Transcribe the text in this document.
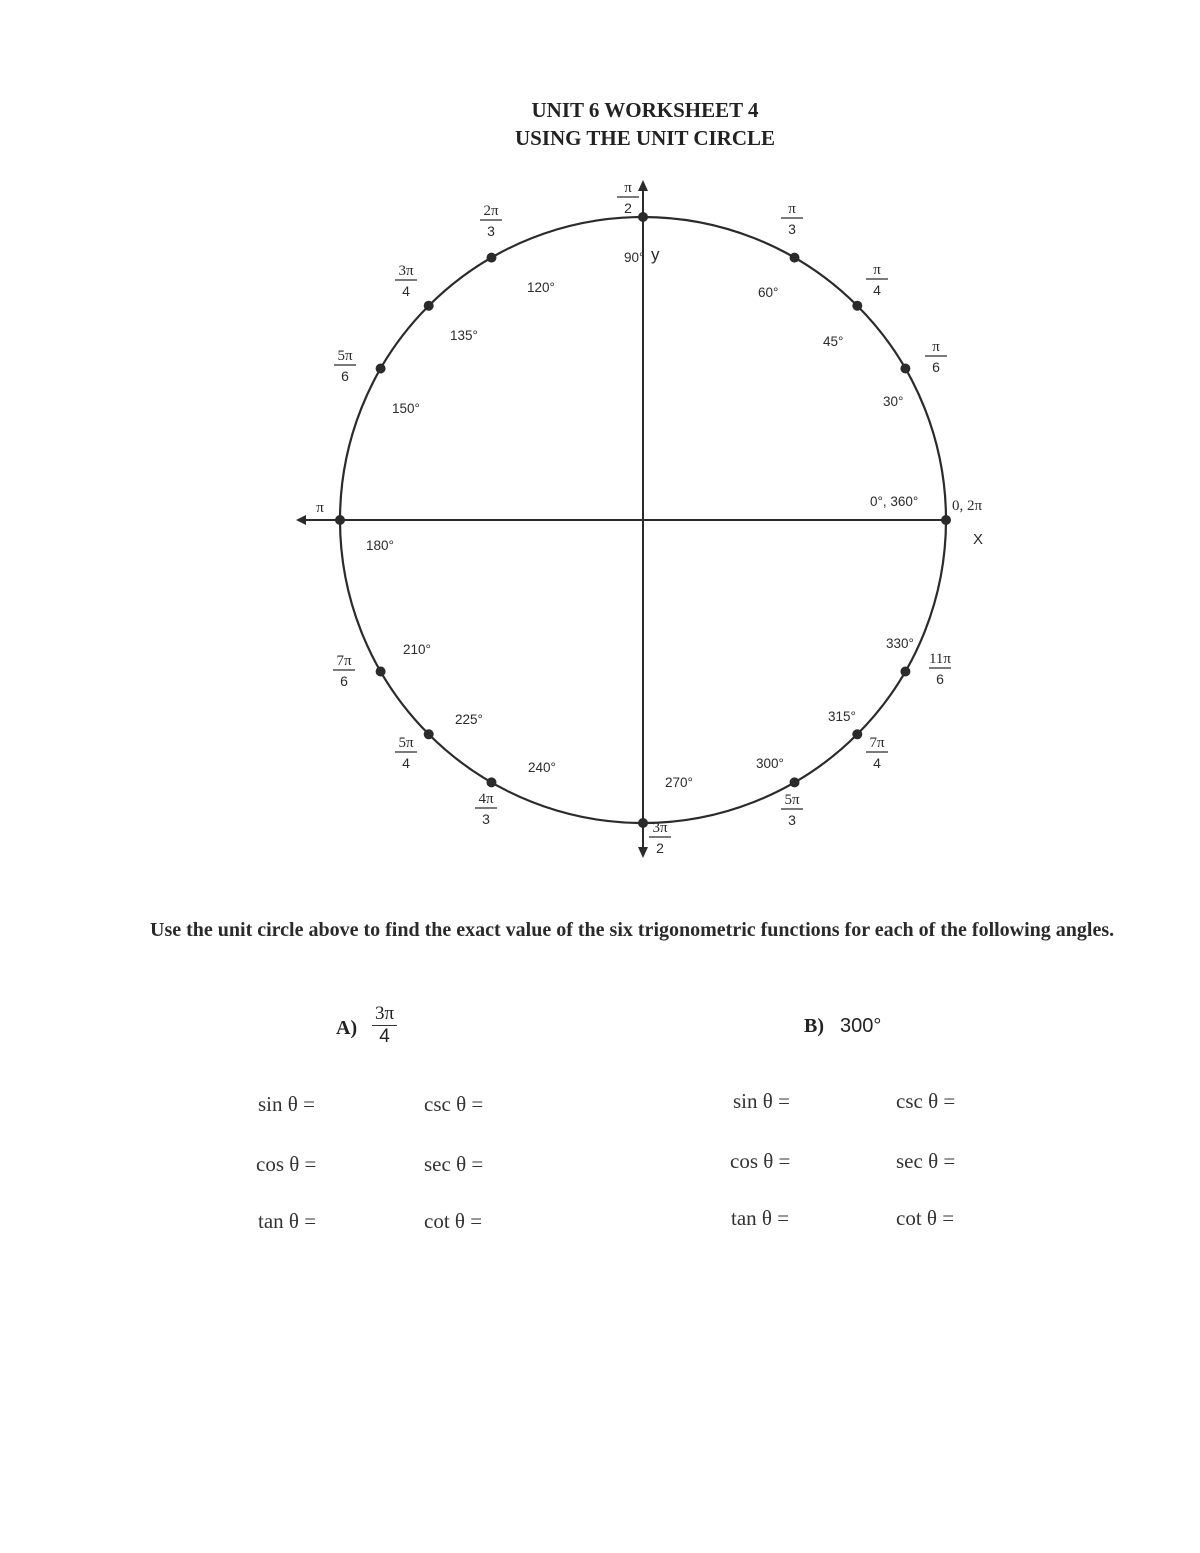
UNIT 6 WORKSHEET 4
USING THE UNIT CIRCLE
y
X
0°, 360° 0, 2π
30°
π
6
45°
π
4
60°
π
3
90°
π
2
120°
2π
3
135°
3π
4
150°
5π
6
180°
π
210°
7π
6
225°
5π
4	240°
4π
3
270°
3π
2
300°
5π
3
315°
7π
4
330°
11π
6
Use the unit circle above to find the exact value of the six trigonometric functions for each of the following angles.
$A) \frac{3\pi}{4}$	B) 300°
sin θ =	csc θ =
cos θ =	sec θ =
tan θ =	cot θ =
sin θ =	csc θ =
cos θ =	sec θ =
tan θ =	cot θ =
